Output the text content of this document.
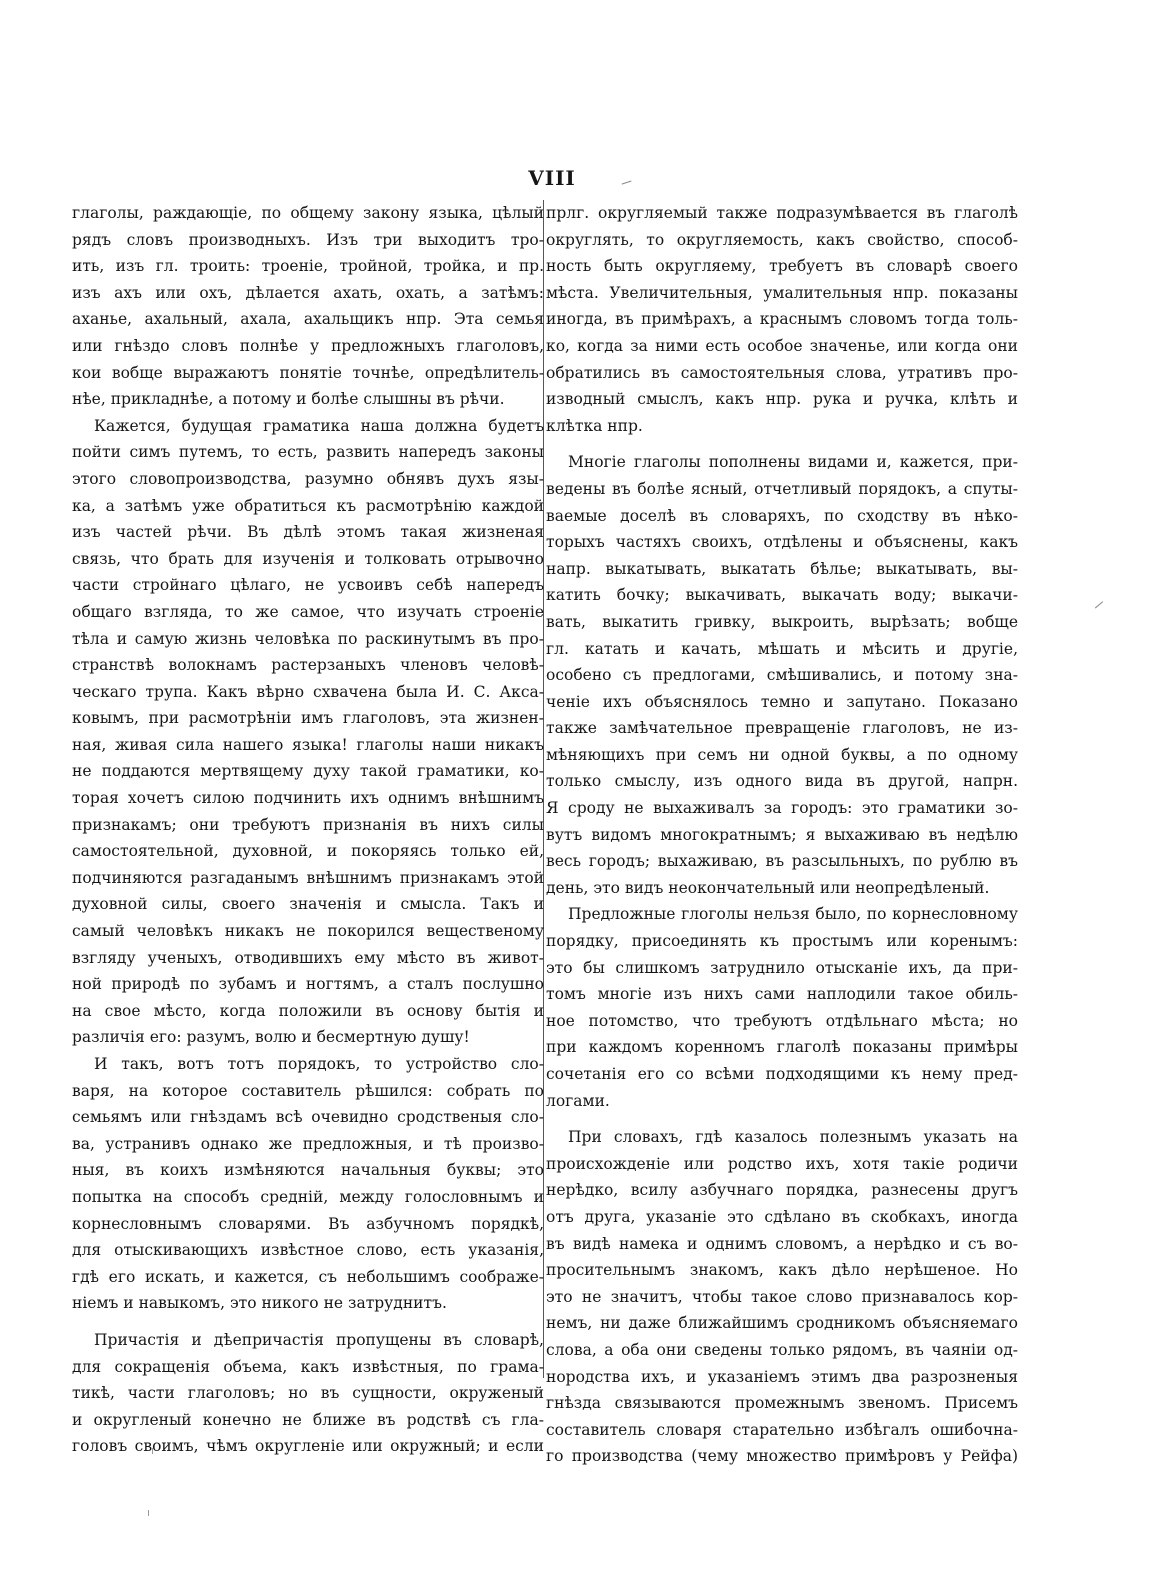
VIII
глаголы, раждающіе, по общему закону языка, цѣлый
рядъ словъ производныхъ. Изъ три выходитъ тро-
ить, изъ гл. троить: троеніе, тройной, тройка, и пр.
изъ ахъ или охъ, дѣлается ахать, охать, а затѣмъ:
аханье, ахальный, ахала, ахальщикъ нпр. Эта семья
или гнѣздо словъ полнѣе у предложныхъ глаголовъ,
кои вобще выражаютъ понятіе точнѣе, опредѣлитель-
нѣе, прикладнѣе, а потому и болѣе слышны въ рѣчи.
Кажется, будущая граматика наша должна будетъ
пойти симъ путемъ, то есть, развить напередъ законы
этого словопроизводства, разумно обнявъ духъ язы-
ка, а затѣмъ уже обратиться къ расмотрѣнію каждой
изъ частей рѣчи. Въ дѣлѣ этомъ такая жизненая
связь, что брать для изученія и толковать отрывочно
части стройнаго цѣлаго, не усвоивъ себѣ напередъ
общаго взгляда, то же самое, что изучать строеніе
тѣла и самую жизнь человѣка по раскинутымъ въ про-
странствѣ волокнамъ растерзаныхъ членовъ человѣ-
ческаго трупа. Какъ вѣрно схвачена была И. С. Акса-
ковымъ, при расмотрѣніи имъ глаголовъ, эта жизнен-
ная, живая сила нашего языка! глаголы наши никакъ
не поддаются мертвящему духу такой граматики, ко-
торая хочетъ силою подчинить ихъ однимъ внѣшнимъ
признакамъ; они требуютъ признанія въ нихъ силы
самостоятельной, духовной, и покоряясь только ей,
подчиняются разгаданымъ внѣшнимъ признакамъ этой
духовной силы, своего значенія и смысла. Такъ и
самый человѣкъ никакъ не покорился вещественому
взгляду ученыхъ, отводившихъ ему мѣсто въ живот-
ной природѣ по зубамъ и ногтямъ, а сталъ послушно
на свое мѣсто, когда положили въ основу бытія и
различія его: разумъ, волю и бесмертную душу!
И такъ, вотъ тотъ порядокъ, то устройство сло-
варя, на которое составитель рѣшился: собрать по
семьямъ или гнѣздамъ всѣ очевидно сродственыя сло-
ва, устранивъ однако же предложныя, и тѣ произво-
ныя, въ коихъ измѣняются начальныя буквы; это
попытка на способъ средній, между голословнымъ и
корнесловнымъ словарями. Въ азбучномъ порядкѣ,
для отыскивающихъ извѣстное слово, есть указанія,
гдѣ его искать, и кажется, съ небольшимъ соображе-
ніемъ и навыкомъ, это никого не затруднитъ.
Причастія и дѣепричастія пропущены въ словарѣ,
для сокращенія объема, какъ извѣстныя, по грама-
тикѣ, части глаголовъ; но въ сущности, окруженый
и округленый конечно не ближе въ родствѣ съ гла-
головъ своимъ, чѣмъ округленіе или окружный; и если
прлг. округляемый также подразумѣвается въ глаголѣ
округлять, то округляемость, какъ свойство, способ-
ность быть округляему, требуетъ въ словарѣ своего
мѣста. Увеличительныя, умалительныя нпр. показаны
иногда, въ примѣрахъ, а краснымъ словомъ тогда толь-
ко, когда за ними есть особое значенье, или когда они
обратились въ самостоятельныя слова, утративъ про-
изводный смыслъ, какъ нпр. рука и ручка, клѣть и
клѣтка нпр.
Многіе глаголы пополнены видами и, кажется, при-
ведены въ болѣе ясный, отчетливый порядокъ, а спуты-
ваемые доселѣ въ словаряхъ, по сходству въ нѣко-
торыхъ частяхъ своихъ, отдѣлены и объяснены, какъ
напр. выкатывать, выкатать бѣлье; выкатывать, вы-
катить бочку; выкачивать, выкачать воду; выкачи-
вать, выкатить гривку, выкроить, вырѣзать; вобще
гл. катать и качать, мѣшать и мѣсить и другіе,
особено съ предлогами, смѣшивались, и потому зна-
ченіе ихъ объяснялось темно и запутано. Показано
также замѣчательное превращеніе глаголовъ, не из-
мѣняющихъ при семъ ни одной буквы, а по одному
только смыслу, изъ одного вида въ другой, напрн.
Я сроду не выхаживалъ за городъ: это граматики зо-
вутъ видомъ многократнымъ; я выхаживаю въ недѣлю
весь городъ; выхаживаю, въ разсыльныхъ, по рублю въ
день, это видъ неокончательный или неопредѣленый.
Предложные глоголы нельзя было, по корнесловному
порядку, присоединять къ простымъ или коренымъ:
это бы слишкомъ затруднило отысканіе ихъ, да при-
томъ многіе изъ нихъ сами наплодили такое обиль-
ное потомство, что требуютъ отдѣльнаго мѣста; но
при каждомъ коренномъ глаголѣ показаны примѣры
сочетанія его со всѣми подходящими къ нему пред-
логами.
При словахъ, гдѣ казалось полезнымъ указать на
происхожденіе или родство ихъ, хотя такіе родичи
нерѣдко, всилу азбучнаго порядка, разнесены другъ
отъ друга, указаніе это сдѣлано въ скобкахъ, иногда
въ видѣ намека и однимъ словомъ, а нерѣдко и съ во-
просительнымъ знакомъ, какъ дѣло нерѣшеное. Но
это не значитъ, чтобы такое слово признавалось кор-
немъ, ни даже ближайшимъ сродникомъ объясняемаго
слова, а оба они сведены только рядомъ, въ чаяніи од-
нородства ихъ, и указаніемъ этимъ два разрозненыя
гнѣзда связываются промежнымъ звеномъ. Присемъ
составитель словаря старательно избѣгалъ ошибочна-
го производства (чему множество примѣровъ у Рейфа)
